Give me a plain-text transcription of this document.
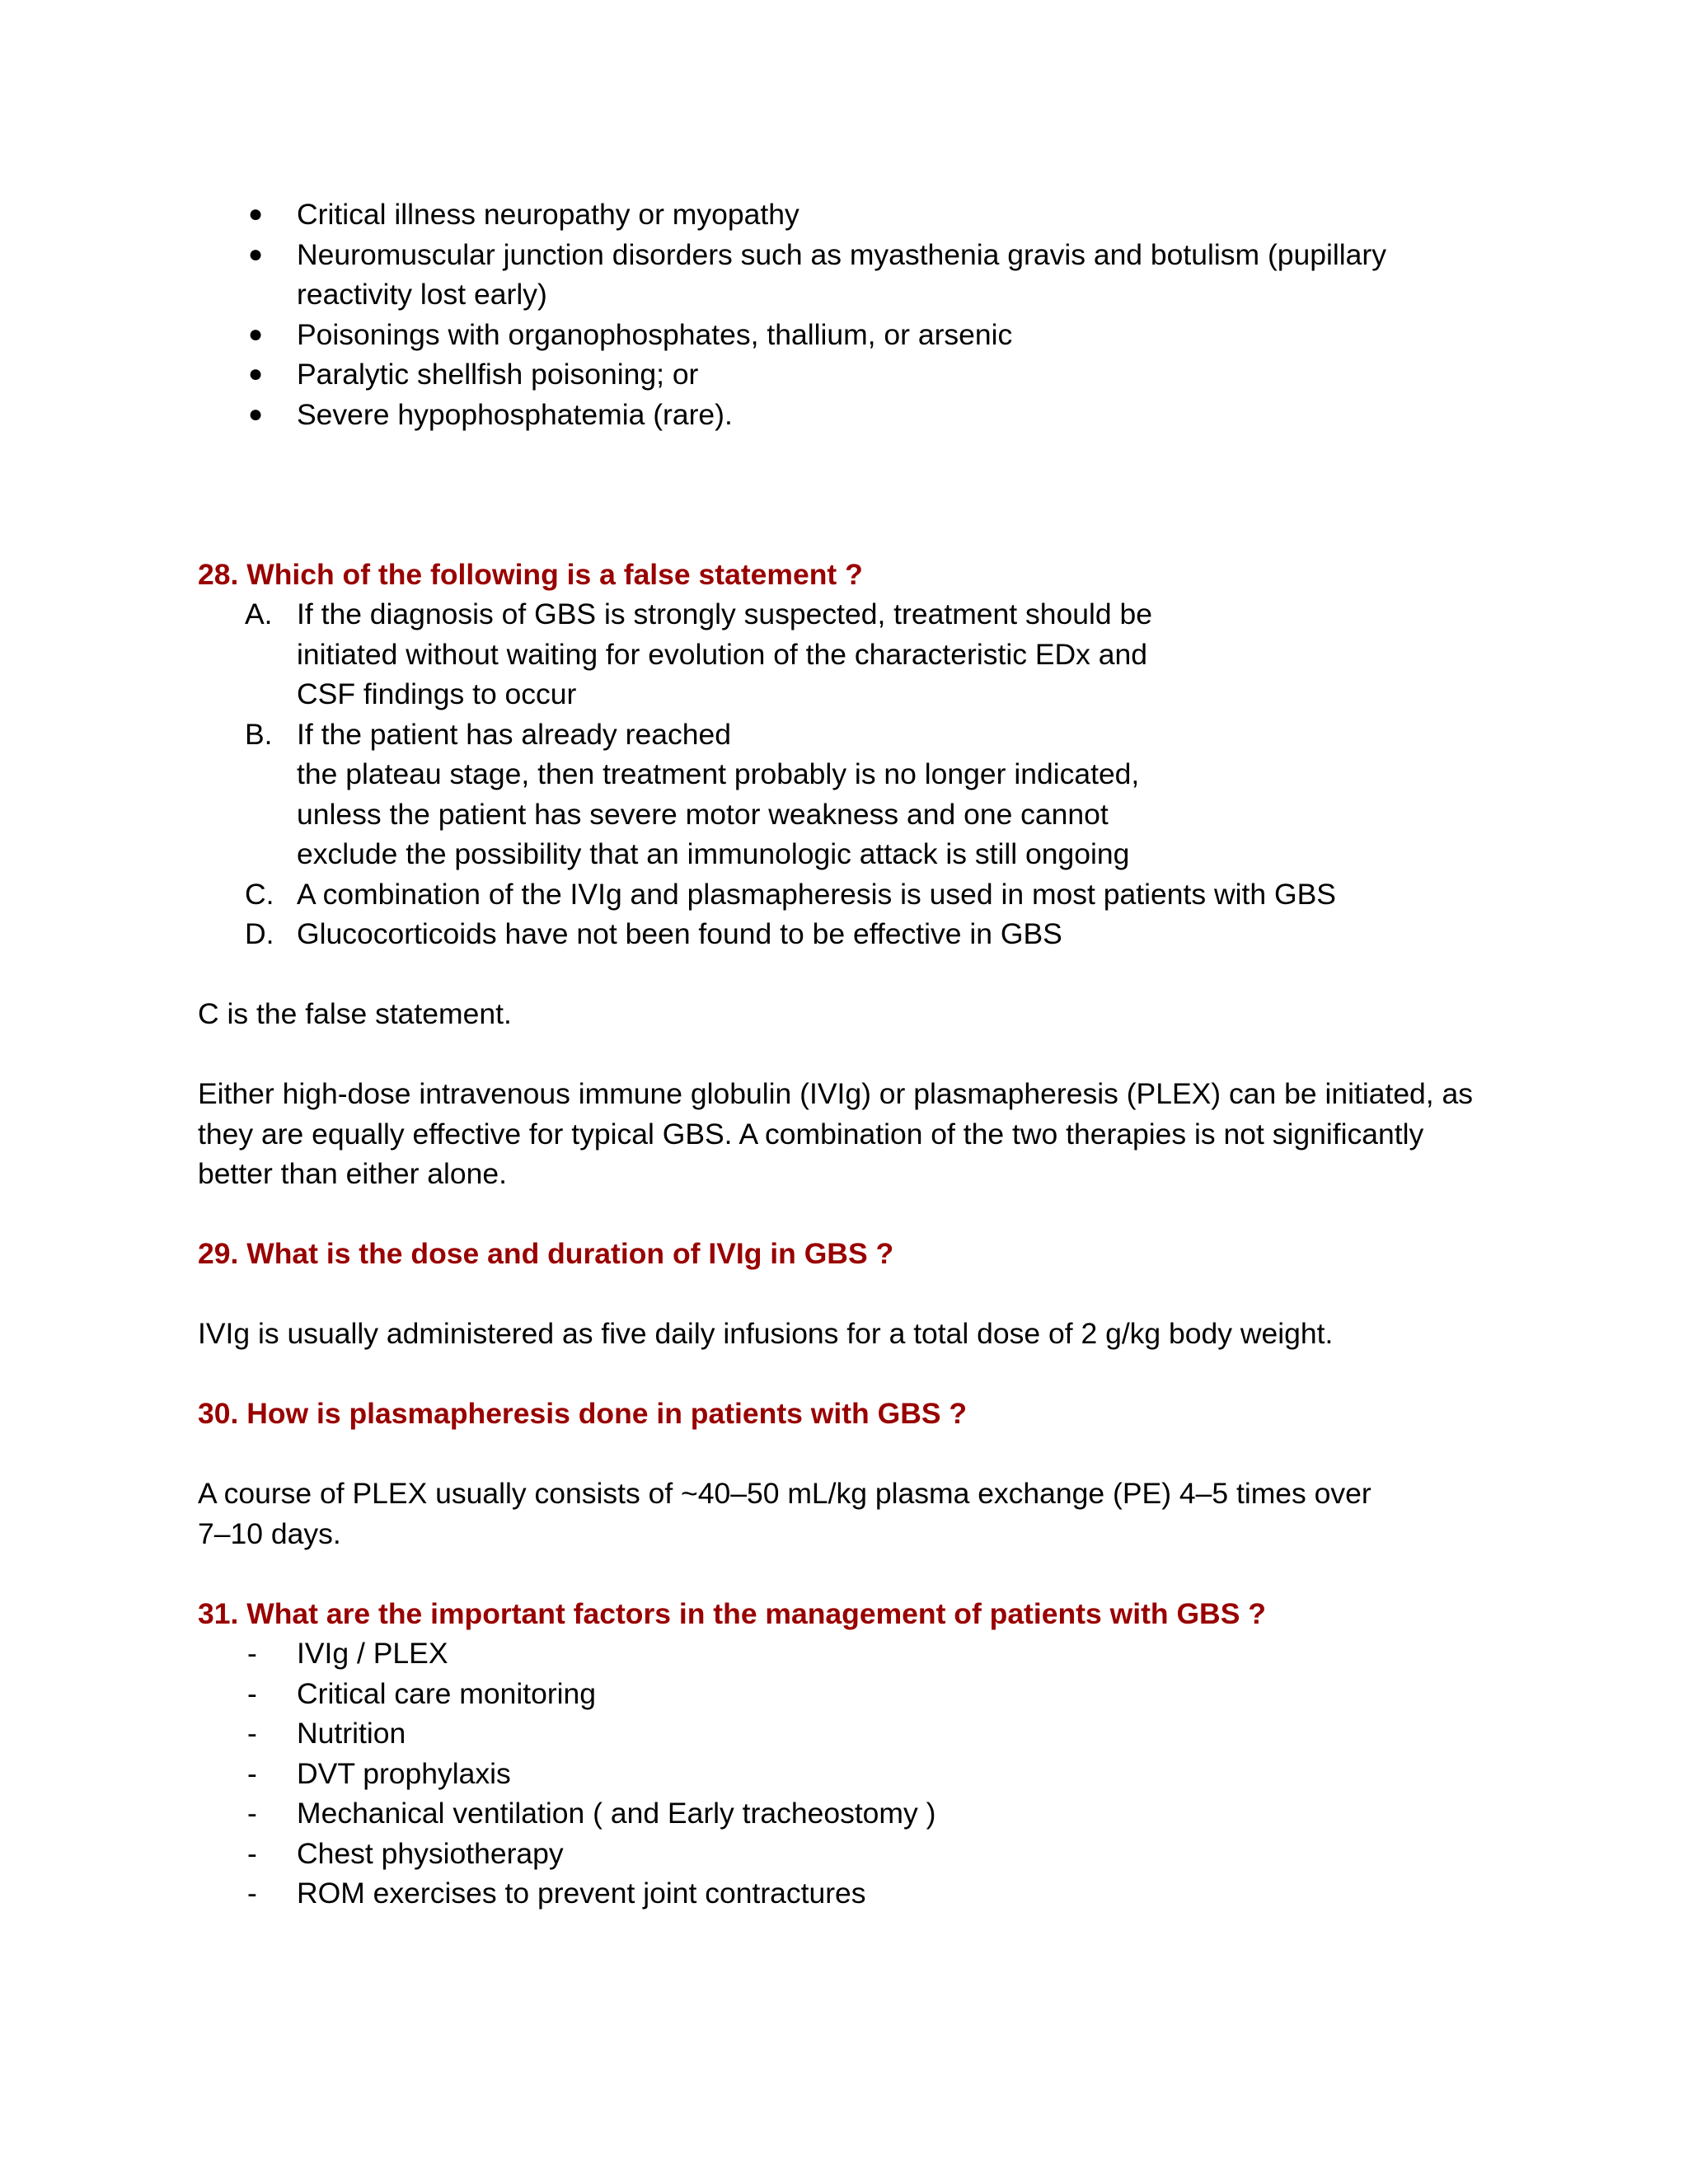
● Critical illness neuropathy or myopathy
● Neuromuscular junction disorders such as myasthenia gravis and botulism (pupillary reactivity lost early)
● Poisonings with organophosphates, thallium, or arsenic
● Paralytic shellfish poisoning; or
● Severe hypophosphatemia (rare).

28. Which of the following is a false statement ?

A. If the diagnosis of GBS is strongly suspected, treatment should be
initiated without waiting for evolution of the characteristic EDx and
CSF findings to occur
B. If the patient has already reached
the plateau stage, then treatment probably is no longer indicated,
unless the patient has severe motor weakness and one cannot
exclude the possibility that an immunologic attack is still ongoing
C. A combination of the IVIg and plasmapheresis is used in most patients with GBS
D. Glucocorticoids have not been found to be effective in GBS

C is the false statement.

Either high-dose intravenous immune globulin (IVIg) or plasmapheresis (PLEX) can be initiated, as they are equally effective for typical GBS. A combination of the two therapies is not significantly better than either alone.

29. What is the dose and duration of IVIg in GBS ?

IVIg is usually administered as five daily infusions for a total dose of 2 g/kg body weight.

30. How is plasmapheresis done in patients with GBS ?

A course of PLEX usually consists of ~40–50 mL/kg plasma exchange (PE) 4–5 times over
7–10 days.

31. What are the important factors in the management of patients with GBS ?

- IVIg / PLEX
- Critical care monitoring
- Nutrition
- DVT prophylaxis
- Mechanical ventilation ( and Early tracheostomy )
- Chest physiotherapy
- ROM exercises to prevent joint contractures
